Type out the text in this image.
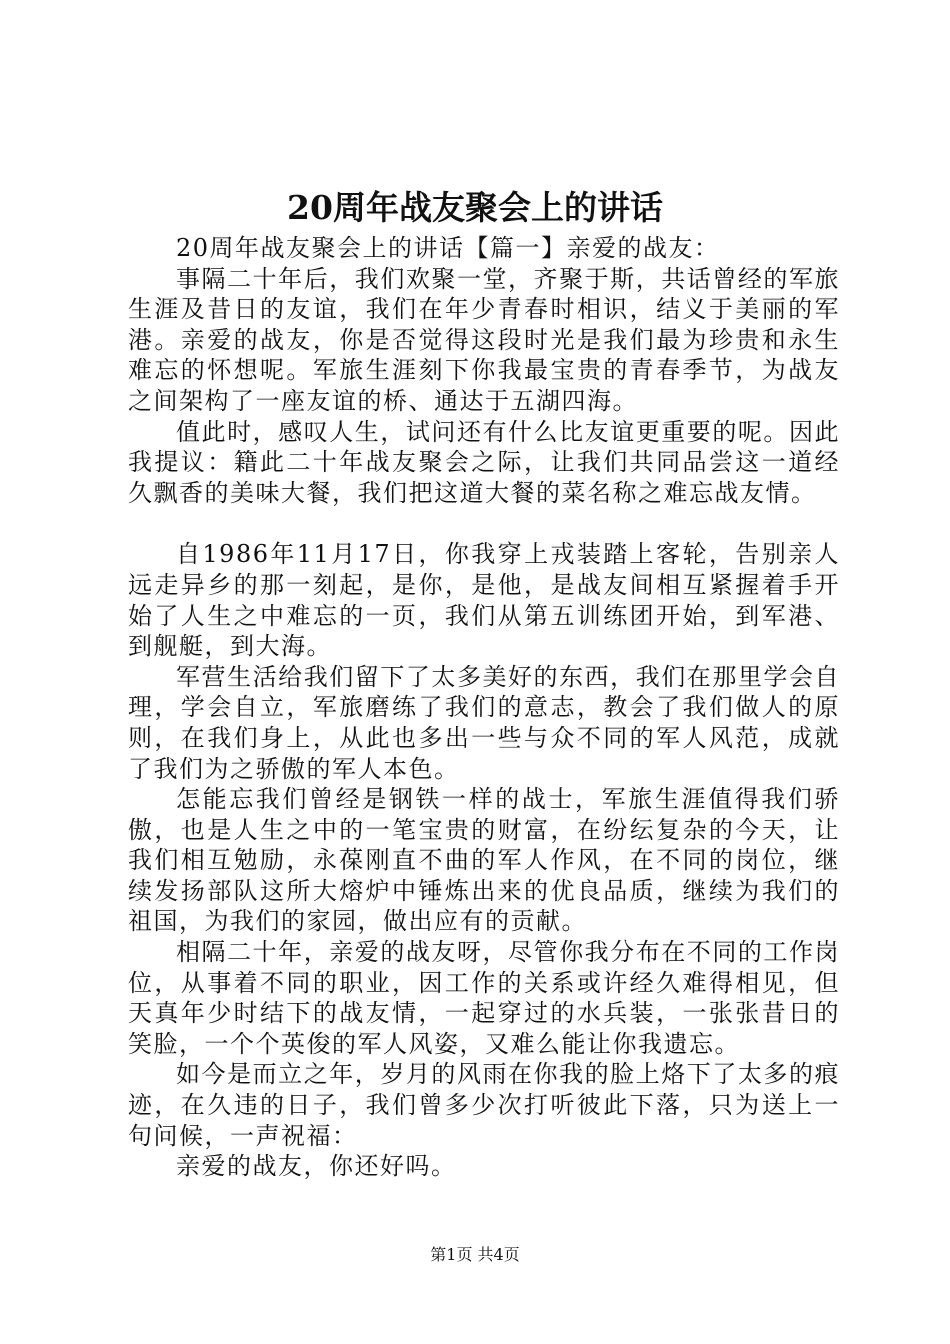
20周年战友聚会上的讲话

20周年战友聚会上的讲话【篇一】亲爱的战友：

事隔二十年后，我们欢聚一堂，齐聚于斯，共话曾经的军旅生涯及昔日的友谊，我们在年少青春时相识，结义于美丽的军港。亲爱的战友，你是否觉得这段时光是我们最为珍贵和永生难忘的怀想呢。军旅生涯刻下你我最宝贵的青春季节，为战友之间架构了一座友谊的桥、通达于五湖四海。

值此时，感叹人生，试问还有什么比友谊更重要的呢。因此我提议：籍此二十年战友聚会之际，让我们共同品尝这一道经久飘香的美味大餐，我们把这道大餐的菜名称之难忘战友情。

自1986年11月17日，你我穿上戎装踏上客轮，告别亲人远走异乡的那一刻起，是你，是他，是战友间相互紧握着手开始了人生之中难忘的一页，我们从第五训练团开始，到军港、到舰艇，到大海。

军营生活给我们留下了太多美好的东西，我们在那里学会自理，学会自立，军旅磨练了我们的意志，教会了我们做人的原则，在我们身上，从此也多出一些与众不同的军人风范，成就了我们为之骄傲的军人本色。

怎能忘我们曾经是钢铁一样的战士，军旅生涯值得我们骄傲，也是人生之中的一笔宝贵的财富，在纷纭复杂的今天，让我们相互勉励，永葆刚直不曲的军人作风，在不同的岗位，继续发扬部队这所大熔炉中锤炼出来的优良品质，继续为我们的祖国，为我们的家园，做出应有的贡献。

相隔二十年，亲爱的战友呀，尽管你我分布在不同的工作岗位，从事着不同的职业，因工作的关系或许经久难得相见，但天真年少时结下的战友情，一起穿过的水兵装，一张张昔日的笑脸，一个个英俊的军人风姿，又难么能让你我遗忘。

如今是而立之年，岁月的风雨在你我的脸上烙下了太多的痕迹，在久违的日子，我们曾多少次打听彼此下落，只为送上一句问候，一声祝福：

亲爱的战友，你还好吗。

第1页 共4页
